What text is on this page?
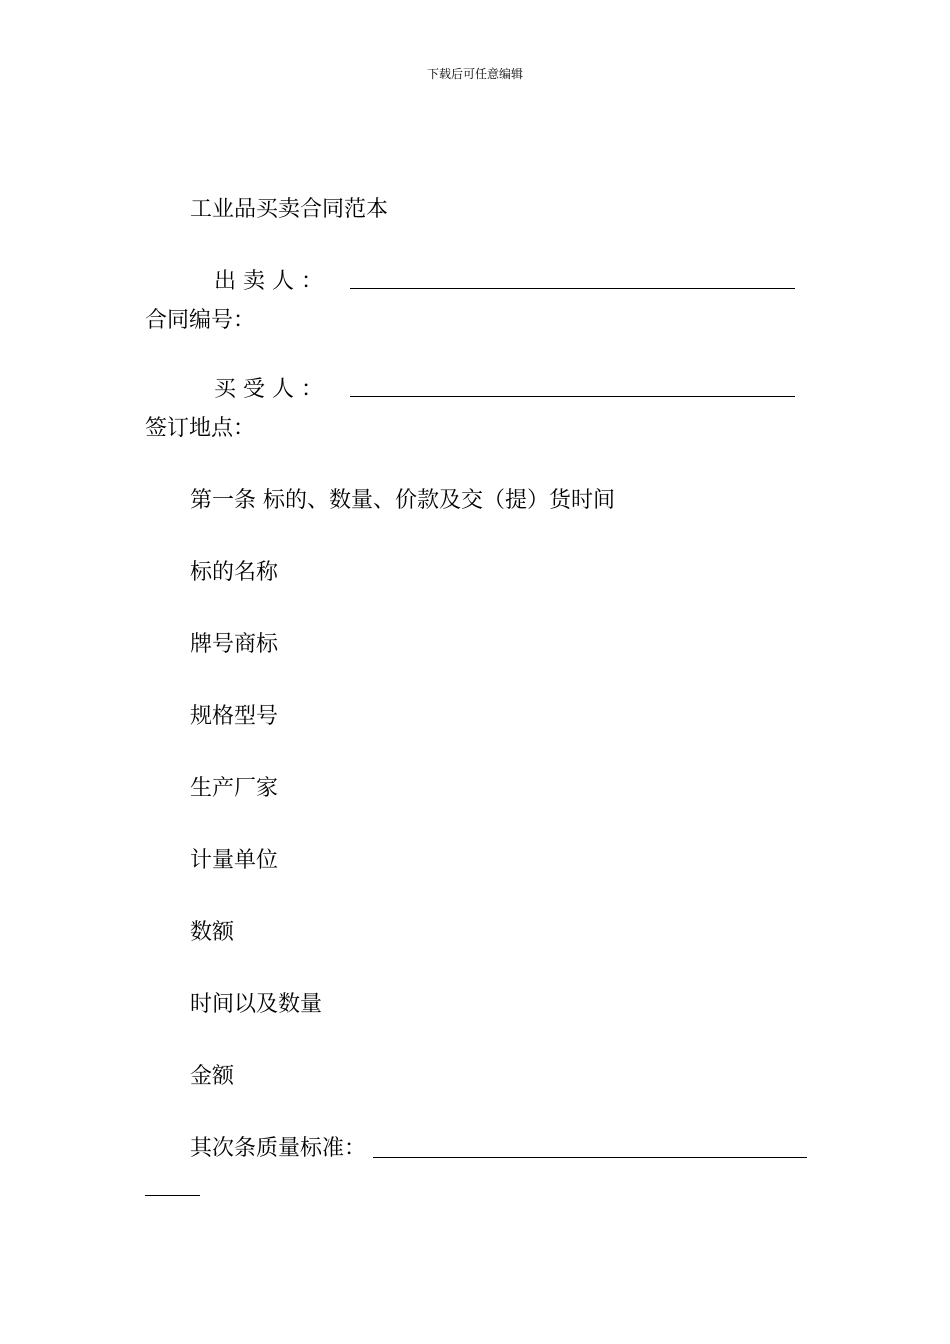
下载后可任意编辑
工业品买卖合同范本
出 卖 人 ：
合同编号：
买 受 人 ：
签订地点：
第一条 标的、数量、价款及交（提）货时间
标的名称
牌号商标
规格型号
生产厂家
计量单位
数额
时间以及数量
金额
其次条质量标准：
